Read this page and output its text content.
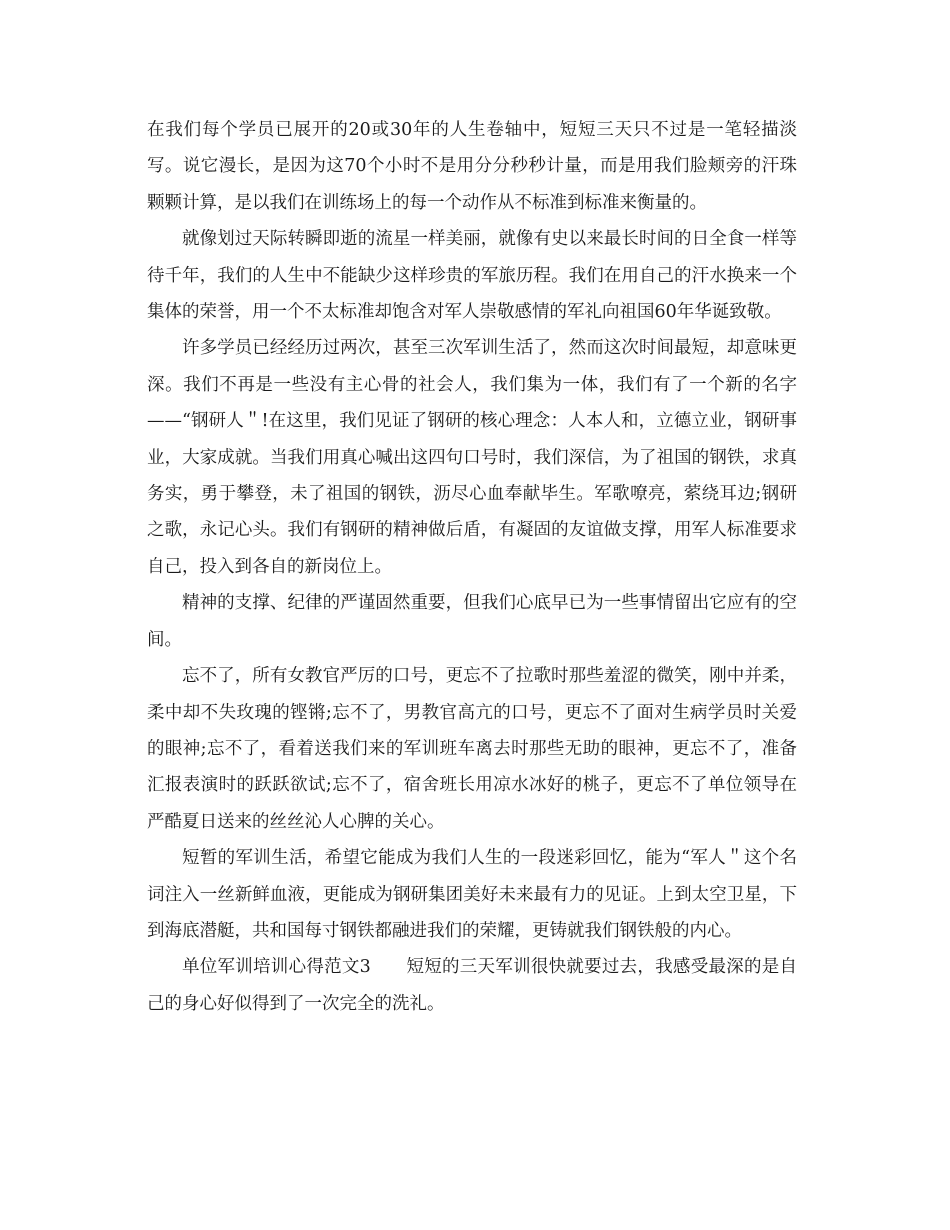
在我们每个学员已展开的20或30年的人生卷轴中，短短三天只不过是一笔轻描淡写。说它漫长，是因为这70个小时不是用分分秒秒计量，而是用我们脸颊旁的汗珠颗颗计算，是以我们在训练场上的每一个动作从不标准到标准来衡量的。

就像划过天际转瞬即逝的流星一样美丽，就像有史以来最长时间的日全食一样等待千年，我们的人生中不能缺少这样珍贵的军旅历程。我们在用自己的汗水换来一个集体的荣誉，用一个不太标准却饱含对军人崇敬感情的军礼向祖国60年华诞致敬。

许多学员已经经历过两次，甚至三次军训生活了，然而这次时间最短，却意味更深。我们不再是一些没有主心骨的社会人，我们集为一体，我们有了一个新的名字——“钢研人＂!在这里，我们见证了钢研的核心理念：人本人和，立德立业，钢研事业，大家成就。当我们用真心喊出这四句口号时，我们深信，为了祖国的钢铁，求真务实，勇于攀登，未了祖国的钢铁，沥尽心血奉献毕生。军歌嘹亮，萦绕耳边;钢研之歌，永记心头。我们有钢研的精神做后盾，有凝固的友谊做支撑，用军人标准要求自己，投入到各自的新岗位上。

精神的支撑、纪律的严谨固然重要，但我们心底早已为一些事情留出它应有的空间。

忘不了，所有女教官严厉的口号，更忘不了拉歌时那些羞涩的微笑，刚中并柔，柔中却不失玫瑰的铿锵;忘不了，男教官高亢的口号，更忘不了面对生病学员时关爱的眼神;忘不了，看着送我们来的军训班车离去时那些无助的眼神，更忘不了，准备汇报表演时的跃跃欲试;忘不了，宿舍班长用凉水冰好的桃子，更忘不了单位领导在严酷夏日送来的丝丝沁人心脾的关心。

短暂的军训生活，希望它能成为我们人生的一段迷彩回忆，能为“军人＂这个名词注入一丝新鲜血液，更能成为钢研集团美好未来最有力的见证。上到太空卫星，下到海底潜艇，共和国每寸钢铁都融进我们的荣耀，更铸就我们钢铁般的内心。

单位军训培训心得范文3　　短短的三天军训很快就要过去，我感受最深的是自己的身心好似得到了一次完全的洗礼。
